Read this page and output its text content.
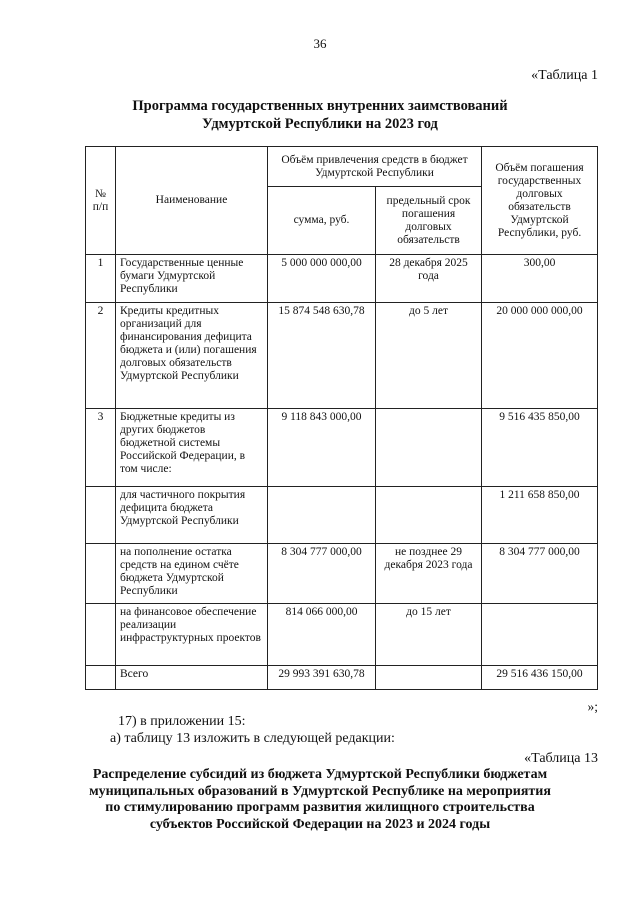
36
«Таблица 1
Программа государственных внутренних заимствований
Удмуртской Республики на 2023 год
№ п/п	Наименование	Объём привлечения средств в бюджет Удмуртской Республики		Объём погашения государственных долговых обязательств Удмуртской Республики, руб.
		сумма, руб.	предельный срок погашения долговых обязательств	
1	Государственные ценные бумаги Удмуртской Республики	5 000 000 000,00	28 декабря 2025 года	300,00
2	Кредиты кредитных организаций для финансирования дефицита бюджета и (или) погашения долговых обязательств Удмуртской Республики	15 874 548 630,78	до 5 лет	20 000 000 000,00
3	Бюджетные кредиты из других бюджетов бюджетной системы Российской Федерации, в том числе:	9 118 843 000,00		9 516 435 850,00
	для частичного покрытия дефицита бюджета Удмуртской Республики			1 211 658 850,00
	на пополнение остатка средств на едином счёте бюджета Удмуртской Республики	8 304 777 000,00	не позднее 29 декабря 2023 года	8 304 777 000,00
	на финансовое обеспечение реализации инфраструктурных проектов	814 066 000,00	до 15 лет	
	Всего	29 993 391 630,78		29 516 436 150,00
»;
17) в приложении 15:
а) таблицу 13 изложить в следующей редакции:
«Таблица 13
Распределение субсидий из бюджета Удмуртской Республики бюджетам
муниципальных образований в Удмуртской Республике на мероприятия
по стимулированию программ развития жилищного строительства
субъектов Российской Федерации на 2023 и 2024 годы
